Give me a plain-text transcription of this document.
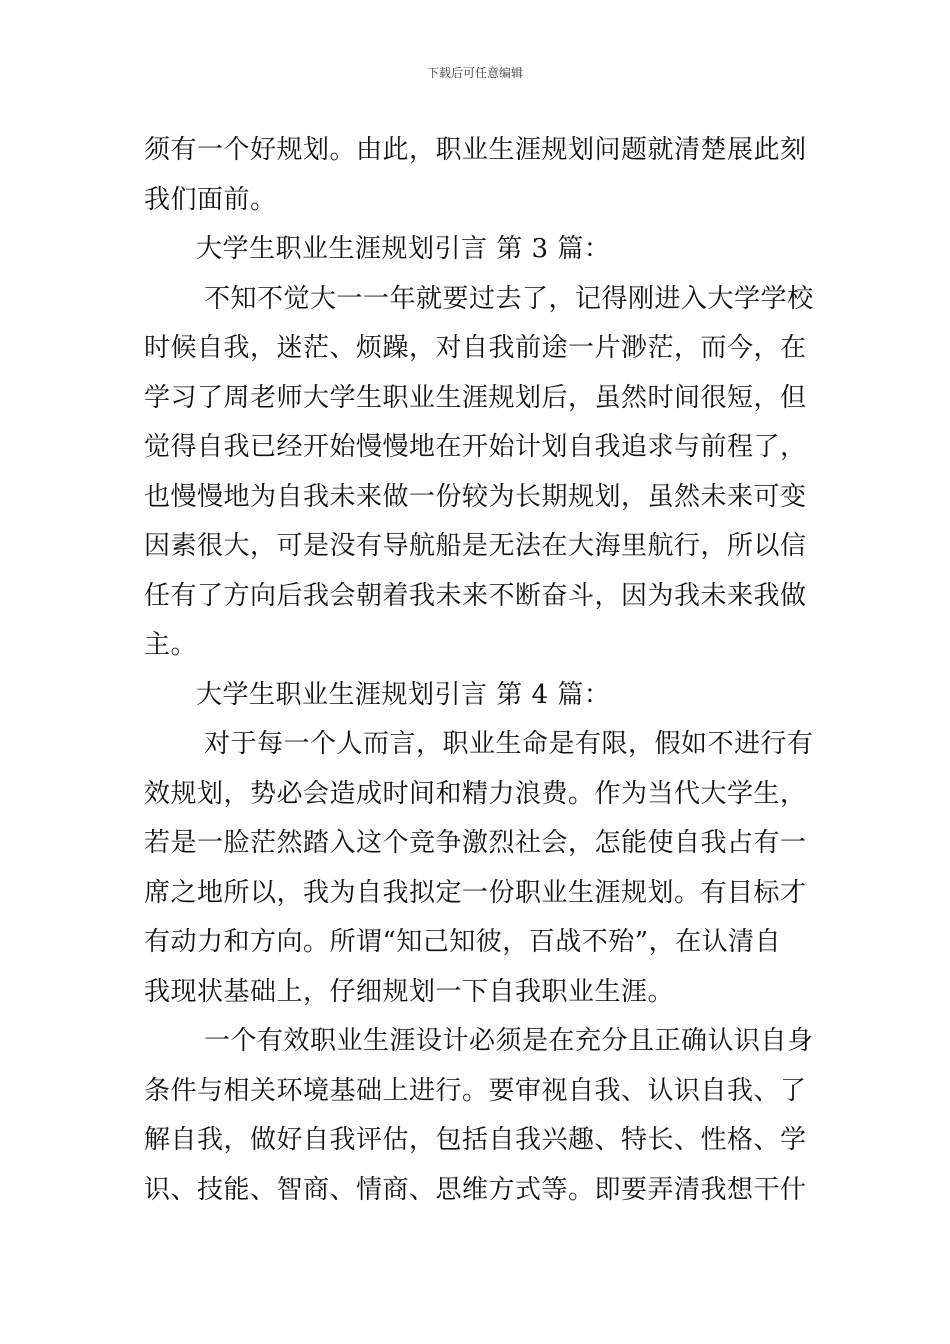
下载后可任意编辑
须有一个好规划。由此，职业生涯规划问题就清楚展此刻
我们面前。
大学生职业生涯规划引言 第 3 篇：
不知不觉大一一年就要过去了，记得刚进入大学学校
时候自我，迷茫、烦躁，对自我前途一片渺茫，而今，在
学习了周老师大学生职业生涯规划后，虽然时间很短，但
觉得自我已经开始慢慢地在开始计划自我追求与前程了，
也慢慢地为自我未来做一份较为长期规划，虽然未来可变
因素很大，可是没有导航船是无法在大海里航行，所以信
任有了方向后我会朝着我未来不断奋斗，因为我未来我做
主。
大学生职业生涯规划引言 第 4 篇：
对于每一个人而言，职业生命是有限，假如不进行有
效规划，势必会造成时间和精力浪费。作为当代大学生，
若是一脸茫然踏入这个竞争激烈社会，怎能使自我占有一
席之地所以，我为自我拟定一份职业生涯规划。有目标才
有动力和方向。所谓“知己知彼，百战不殆”，在认清自
我现状基础上，仔细规划一下自我职业生涯。
一个有效职业生涯设计必须是在充分且正确认识自身
条件与相关环境基础上进行。要审视自我、认识自我、了
解自我，做好自我评估，包括自我兴趣、特长、性格、学
识、技能、智商、情商、思维方式等。即要弄清我想干什
